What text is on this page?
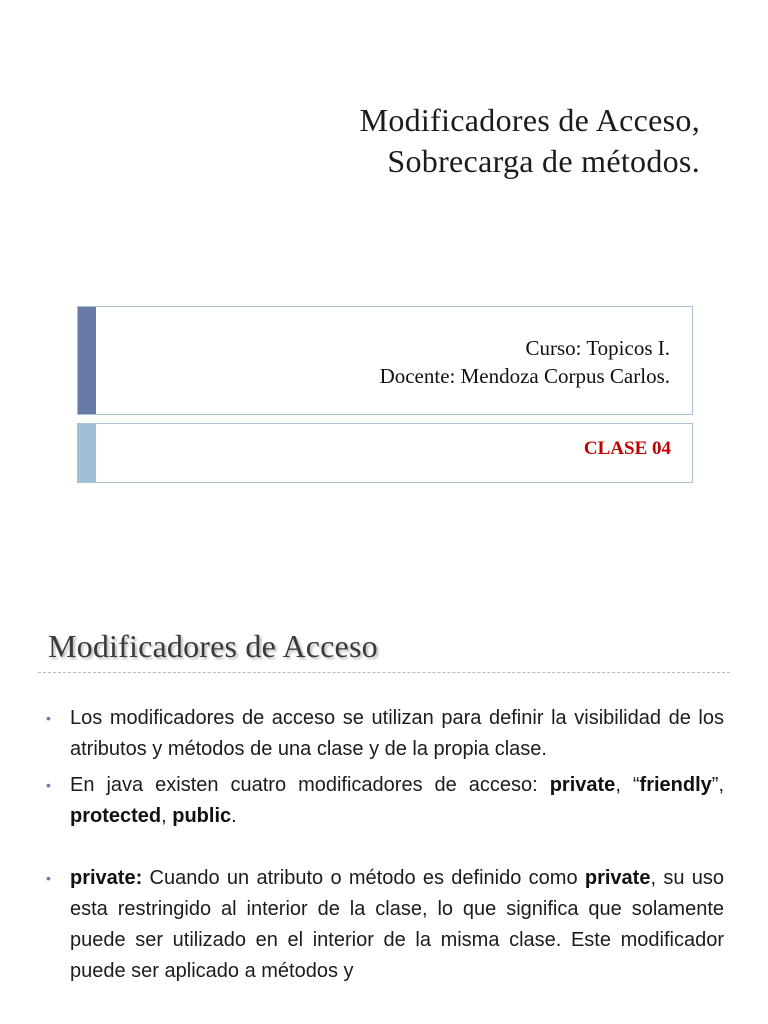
Modificadores de Acceso,
Sobrecarga de métodos.
Curso: Topicos I.
Docente: Mendoza Corpus Carlos.
CLASE 04
Modificadores de Acceso
• Los modificadores de acceso se utilizan para definir la visibilidad de los atributos y métodos de una clase y de la propia clase.
• En java existen cuatro modificadores de acceso: private, “friendly”, protected, public.
• private: Cuando un atributo o método es definido como private, su uso esta restringido al interior de la clase, lo que significa que solamente puede ser utilizado en el interior de la misma clase. Este modificador puede ser aplicado a métodos y
